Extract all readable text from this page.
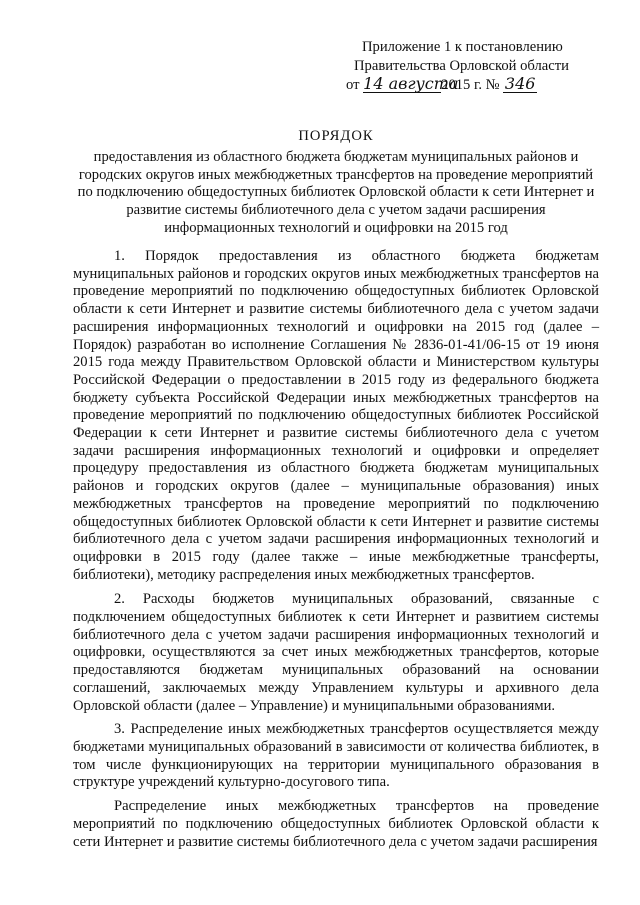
Приложение 1 к постановлению
Правительства Орловской области
от 14 августа2015 г. № 346
ПОРЯДОК
предоставления из областного бюджета бюджетам муниципальных районов и городских округов иных межбюджетных трансфертов на проведение мероприятий по подключению общедоступных библиотек Орловской области к сети Интернет и развитие системы библиотечного дела с учетом задачи расширения информационных технологий и оцифровки на 2015 год

1. Порядок предоставления из областного бюджета бюджетам муниципальных районов и городских округов иных межбюджетных трансфертов на проведение мероприятий по подключению общедоступных библиотек Орловской области к сети Интернет и развитие системы библиотечного дела с учетом задачи расширения информационных технологий и оцифровки на 2015 год (далее – Порядок) разработан во исполнение Соглашения № 2836-01-41/06-15 от 19 июня 2015 года между Правительством Орловской области и Министерством культуры Российской Федерации о предоставлении в 2015 году из федерального бюджета бюджету субъекта Российской Федерации иных межбюджетных трансфертов на проведение мероприятий по подключению общедоступных библиотек Российской Федерации к сети Интернет и развитие системы библиотечного дела с учетом задачи расширения информационных технологий и оцифровки и определяет процедуру предоставления из областного бюджета бюджетам муниципальных районов и городских округов (далее – муниципальные образования) иных межбюджетных трансфертов на проведение мероприятий по подключению общедоступных библиотек Орловской области к сети Интернет и развитие системы библиотечного дела с учетом задачи расширения информационных технологий и оцифровки в 2015 году (далее также – иные межбюджетные трансферты, библиотеки), методику распределения иных межбюджетных трансфертов.

2. Расходы бюджетов муниципальных образований, связанные с подключением общедоступных библиотек к сети Интернет и развитием системы библиотечного дела с учетом задачи расширения информационных технологий и оцифровки, осуществляются за счет иных межбюджетных трансфертов, которые предоставляются бюджетам муниципальных образований на основании соглашений, заключаемых между Управлением культуры и архивного дела Орловской области (далее – Управление) и муниципальными образованиями.

3. Распределение иных межбюджетных трансфертов осуществляется между бюджетами муниципальных образований в зависимости от количества библиотек, в том числе функционирующих на территории муниципального образования в структуре учреждений культурно-досугового типа.

Распределение иных межбюджетных трансфертов на проведение мероприятий по подключению общедоступных библиотек Орловской области к сети Интернет и развитие системы библиотечного дела с учетом задачи расширения
